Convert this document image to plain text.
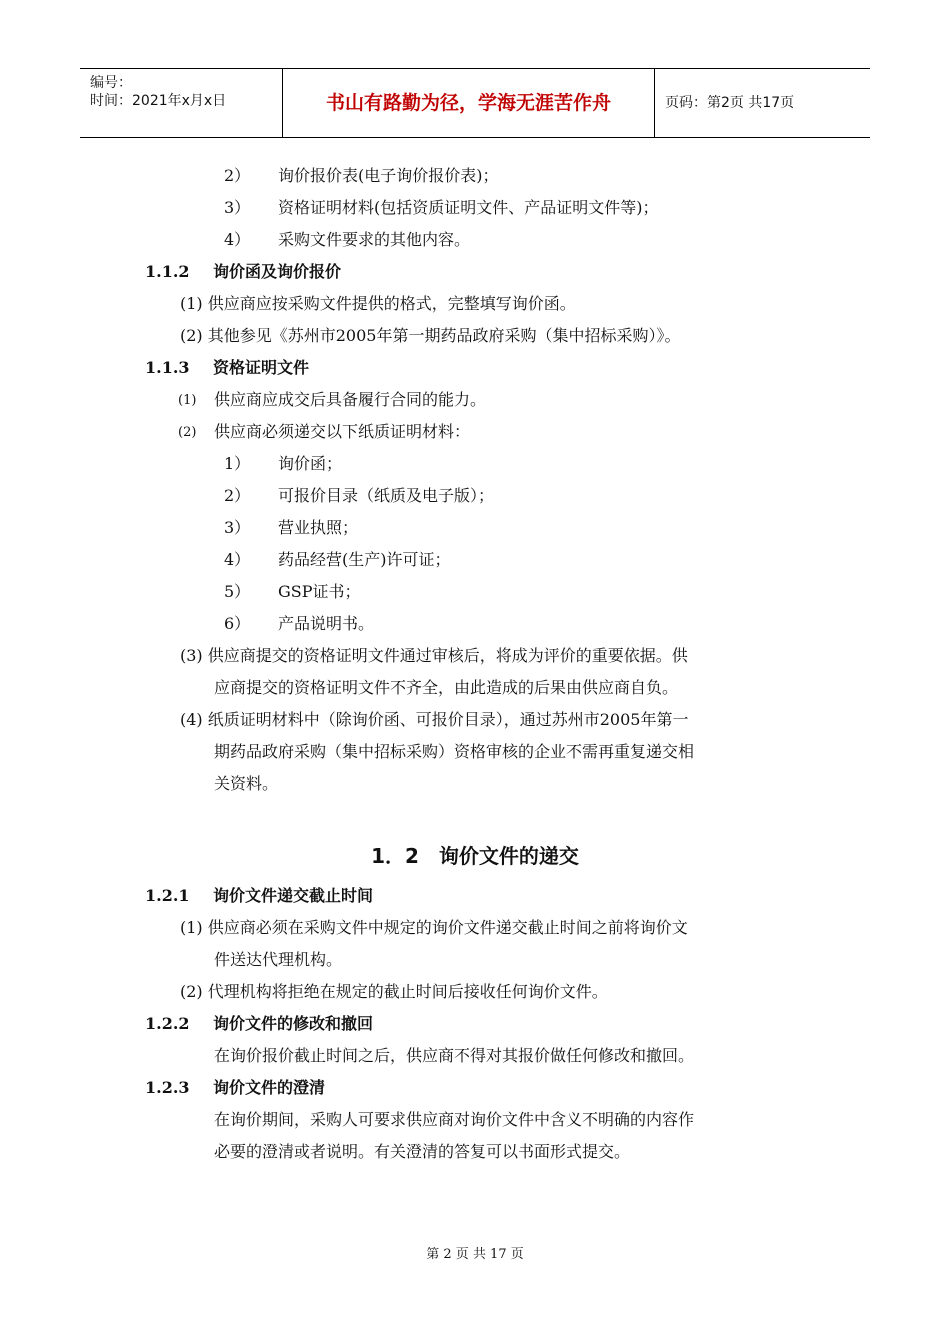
编号：
时间：2021年x月x日	书山有路勤为径，学海无涯苦作舟	页码：第2页 共17页
2） 询价报价表(电子询价报价表)；
3） 资格证明材料(包括资质证明文件、产品证明文件等)；
4） 采购文件要求的其他内容。
1.1.2 询价函及询价报价
(1) 供应商应按采购文件提供的格式，完整填写询价函。
(2) 其他参见《苏州市2005年第一期药品政府采购（集中招标采购）》。
1.1.3 资格证明文件
(1) 供应商应成交后具备履行合同的能力。
(2) 供应商必须递交以下纸质证明材料：
1） 询价函；
2） 可报价目录（纸质及电子版）；
3） 营业执照；
4） 药品经营(生产)许可证；
5） GSP证书；
6） 产品说明书。
(3) 供应商提交的资格证明文件通过审核后，将成为评价的重要依据。供
应商提交的资格证明文件不齐全，由此造成的后果由供应商自负。
(4) 纸质证明材料中（除询价函、可报价目录），通过苏州市2005年第一
期药品政府采购（集中招标采购）资格审核的企业不需再重复递交相
关资料。
1．2　询价文件的递交
1.2.1 询价文件递交截止时间
(1) 供应商必须在采购文件中规定的询价文件递交截止时间之前将询价文
件送达代理机构。
(2) 代理机构将拒绝在规定的截止时间后接收任何询价文件。
1.2.2 询价文件的修改和撤回
在询价报价截止时间之后，供应商不得对其报价做任何修改和撤回。
1.2.3 询价文件的澄清
在询价期间，采购人可要求供应商对询价文件中含义不明确的内容作
必要的澄清或者说明。有关澄清的答复可以书面形式提交。
第 2 页 共 17 页
